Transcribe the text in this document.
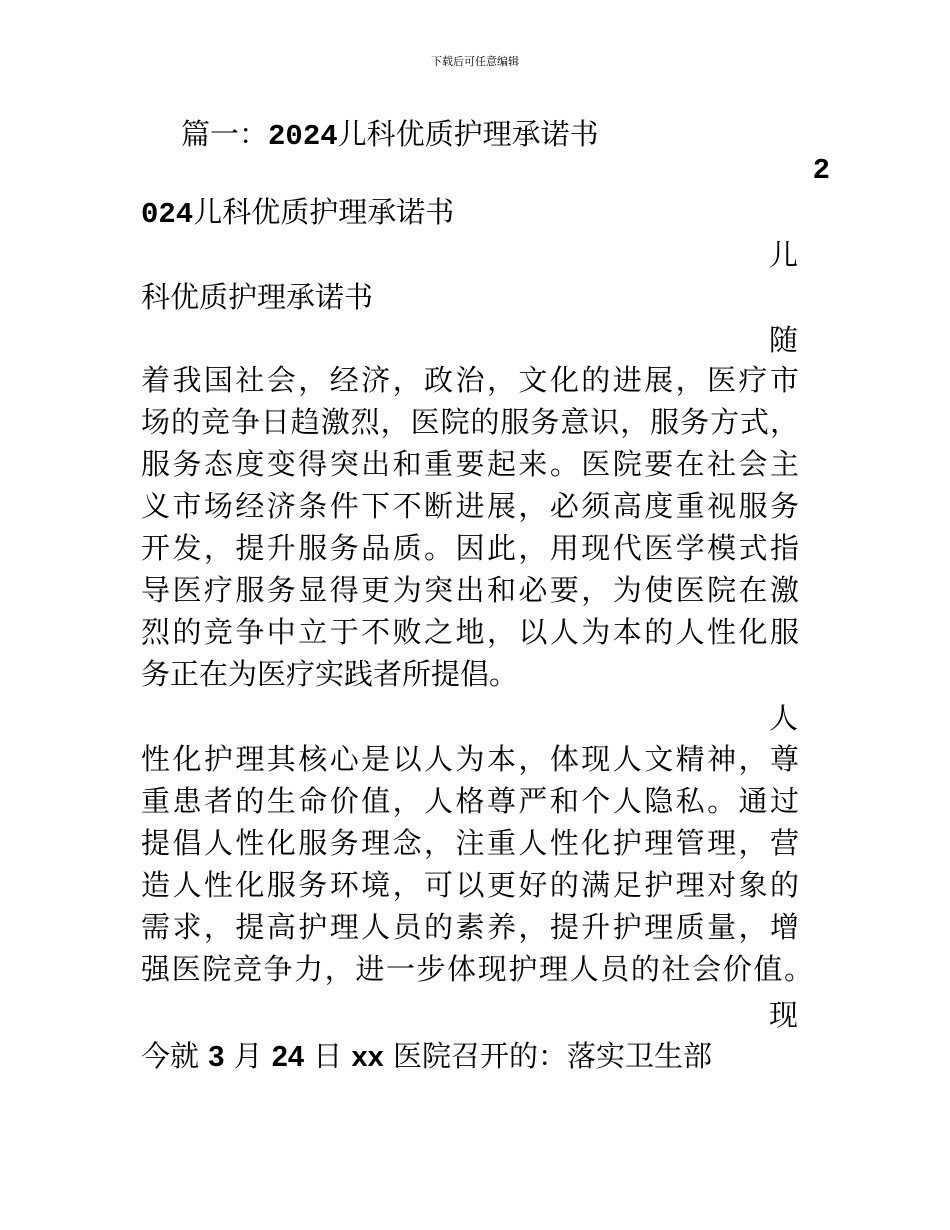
下载后可任意编辑
篇一：2024儿科优质护理承诺书
2
024儿科优质护理承诺书
儿
科优质护理承诺书
随
着我国社会，经济，政治，文化的进展，医疗市
场的竞争日趋激烈，医院的服务意识，服务方式，
服务态度变得突出和重要起来。医院要在社会主
义市场经济条件下不断进展，必须高度重视服务
开发，提升服务品质。因此，用现代医学模式指
导医疗服务显得更为突出和必要，为使医院在激
烈的竞争中立于不败之地，以人为本的人性化服
务正在为医疗实践者所提倡。
人
性化护理其核心是以人为本，体现人文精神，尊
重患者的生命价值，人格尊严和个人隐私。通过
提倡人性化服务理念，注重人性化护理管理，营
造人性化服务环境，可以更好的满足护理对象的
需求，提高护理人员的素养，提升护理质量，增
强医院竞争力，进一步体现护理人员的社会价值。
现
今就 3 月 24 日 xx 医院召开的：落实卫生部
